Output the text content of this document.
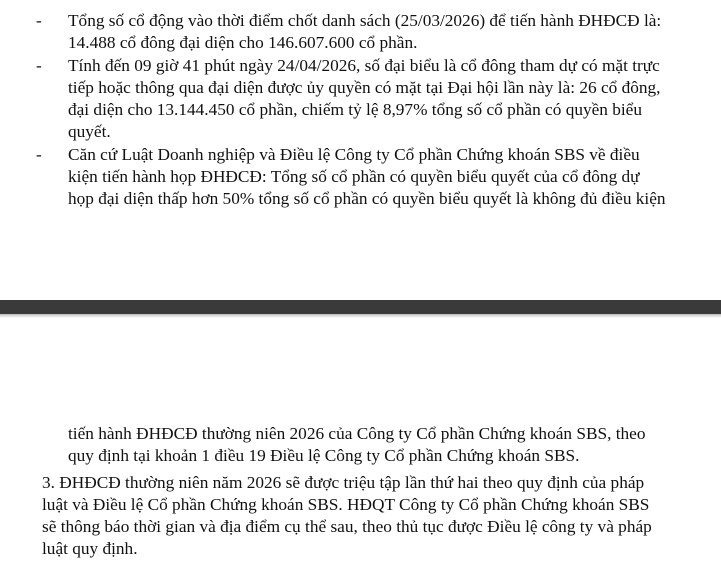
- Tổng số cổ động vào thời điểm chốt danh sách (25/03/2026) để tiến hành ĐHĐCĐ là:
14.488 cổ đông đại diện cho 146.607.600 cổ phần.
- Tính đến 09 giờ 41 phút ngày 24/04/2026, số đại biểu là cổ đông tham dự có mặt trực
tiếp hoặc thông qua đại diện được ủy quyền có mặt tại Đại hội lần này là: 26 cổ đông,
đại diện cho 13.144.450 cổ phần, chiếm tỷ lệ 8,97% tổng số cổ phần có quyền biểu
quyết.
- Căn cứ Luật Doanh nghiệp và Điều lệ Công ty Cổ phần Chứng khoán SBS về điều
kiện tiến hành họp ĐHĐCĐ: Tổng số cổ phần có quyền biểu quyết của cổ đông dự
họp đại diện thấp hơn 50% tổng số cổ phần có quyền biểu quyết là không đủ điều kiện
tiến hành ĐHĐCĐ thường niên 2026 của Công ty Cổ phần Chứng khoán SBS, theo
quy định tại khoản 1 điều 19 Điều lệ Công ty Cổ phần Chứng khoán SBS.
3. ĐHĐCĐ thường niên năm 2026 sẽ được triệu tập lần thứ hai theo quy định của pháp
luật và Điều lệ Cổ phần Chứng khoán SBS. HĐQT Công ty Cổ phần Chứng khoán SBS
sẽ thông báo thời gian và địa điểm cụ thể sau, theo thủ tục được Điều lệ công ty và pháp
luật quy định.
